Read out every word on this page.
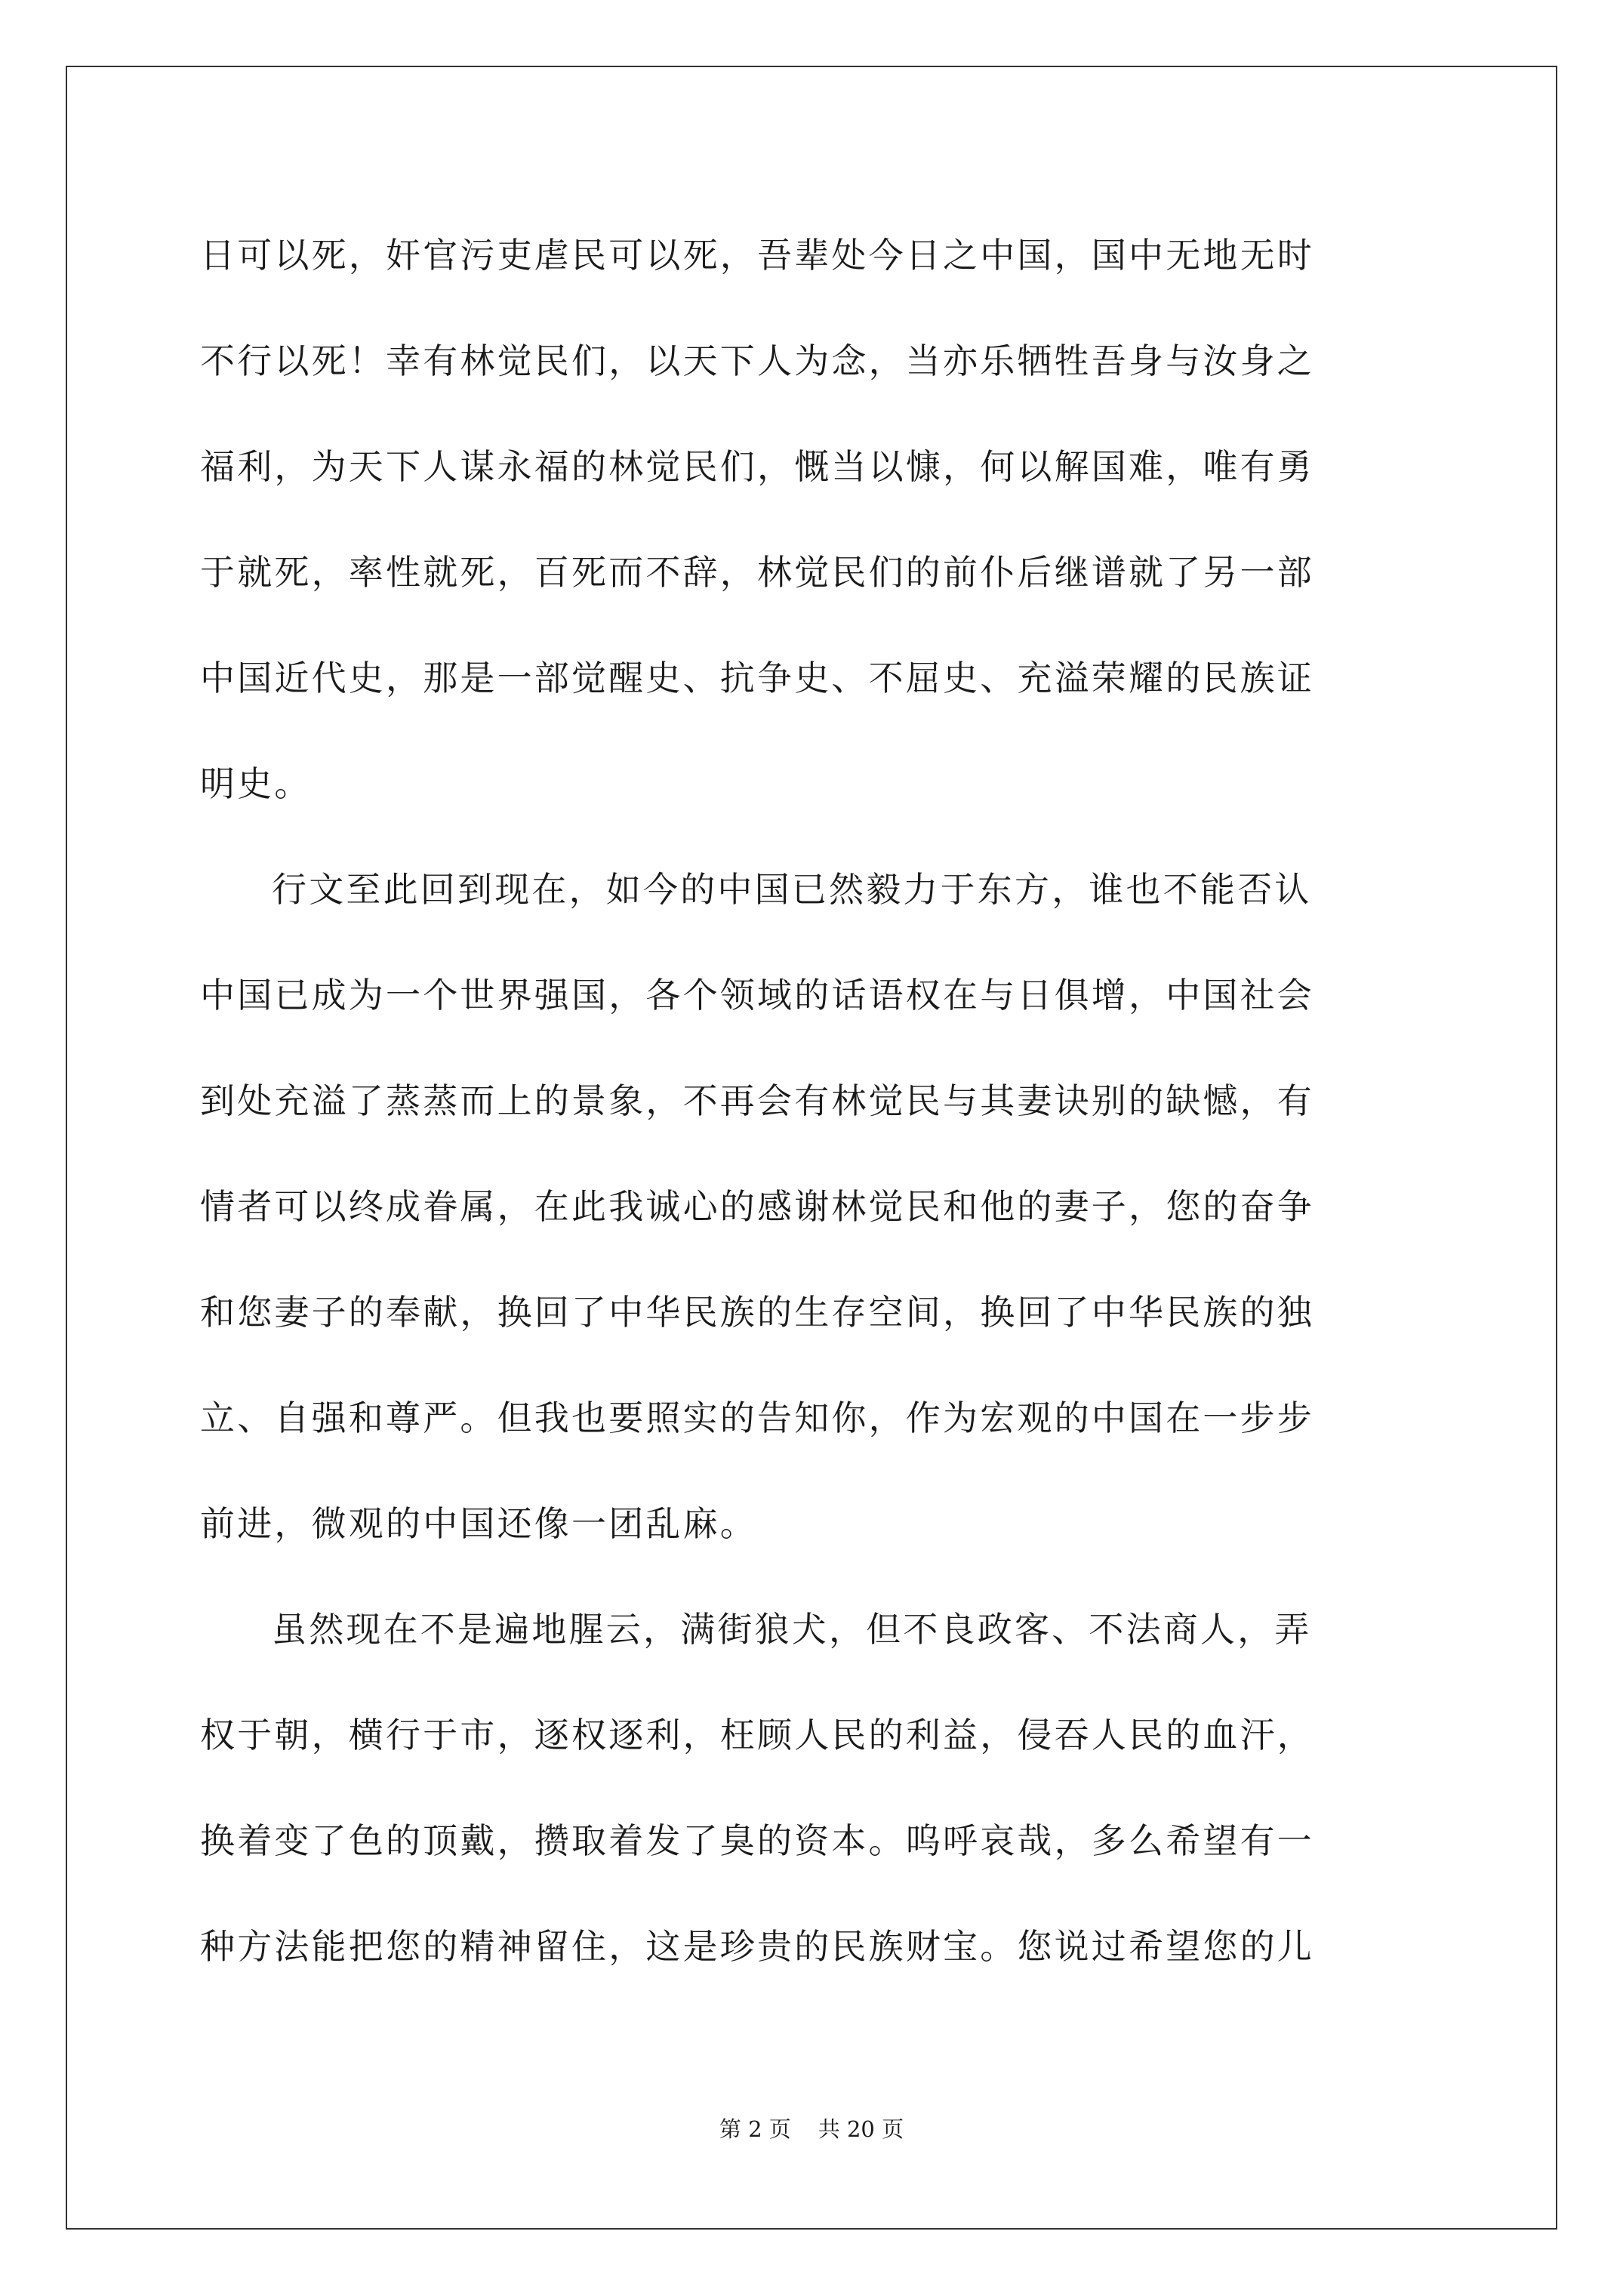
日可以死，奸官污吏虐民可以死，吾辈处今日之中国，国中无地无时
不行以死！幸有林觉民们，以天下人为念，当亦乐牺牲吾身与汝身之
福利，为天下人谋永福的林觉民们，慨当以慷，何以解国难，唯有勇
于就死，率性就死，百死而不辞，林觉民们的前仆后继谱就了另一部
中国近代史，那是一部觉醒史、抗争史、不屈史、充溢荣耀的民族证
明史。
行文至此回到现在，如今的中国已然毅力于东方，谁也不能否认
中国已成为一个世界强国，各个领域的话语权在与日俱增，中国社会
到处充溢了蒸蒸而上的景象，不再会有林觉民与其妻诀别的缺憾，有
情者可以终成眷属，在此我诚心的感谢林觉民和他的妻子，您的奋争
和您妻子的奉献，换回了中华民族的生存空间，换回了中华民族的独
立、自强和尊严。但我也要照实的告知你，作为宏观的中国在一步步
前进，微观的中国还像一团乱麻。
虽然现在不是遍地腥云，满街狼犬，但不良政客、不法商人，弄
权于朝，横行于市，逐权逐利，枉顾人民的利益，侵吞人民的血汗，
换着变了色的顶戴，攒取着发了臭的资本。呜呼哀哉，多么希望有一
种方法能把您的精神留住，这是珍贵的民族财宝。您说过希望您的儿
第 2 页 共 20 页
